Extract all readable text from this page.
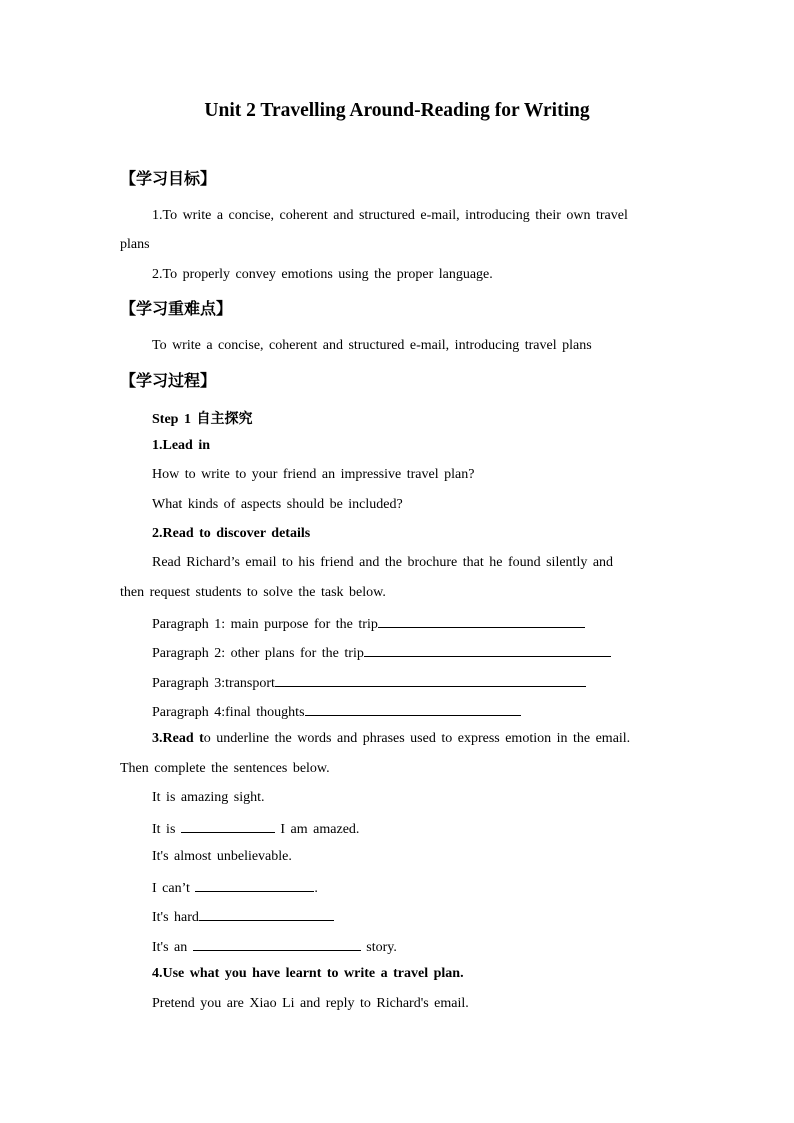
Unit 2 Travelling Around-Reading for Writing
【学习目标】
1.To write a concise, coherent and structured e-mail, introducing their own travel
plans
2.To properly convey emotions using the proper language.
【学习重难点】
To write a concise, coherent and structured e-mail, introducing travel plans
【学习过程】
Step 1 自主探究
1.Lead in
How to write to your friend an impressive travel plan?
What kinds of aspects should be included?
2.Read to discover details
Read Richard’s email to his friend and the brochure that he found silently and
then request students to solve the task below.
Paragraph 1: main purpose for the trip
Paragraph 2: other plans for the trip
Paragraph 3:transport
Paragraph 4:final thoughts
3.Read to underline the words and phrases used to express emotion in the email.
Then complete the sentences below.
It is amazing sight.
It is	I am amazed.
It's almost unbelievable.
I can’t	.
It's hard
It's an	story.
4.Use what you have learnt to write a travel plan.
Pretend you are Xiao Li and reply to Richard's email.
